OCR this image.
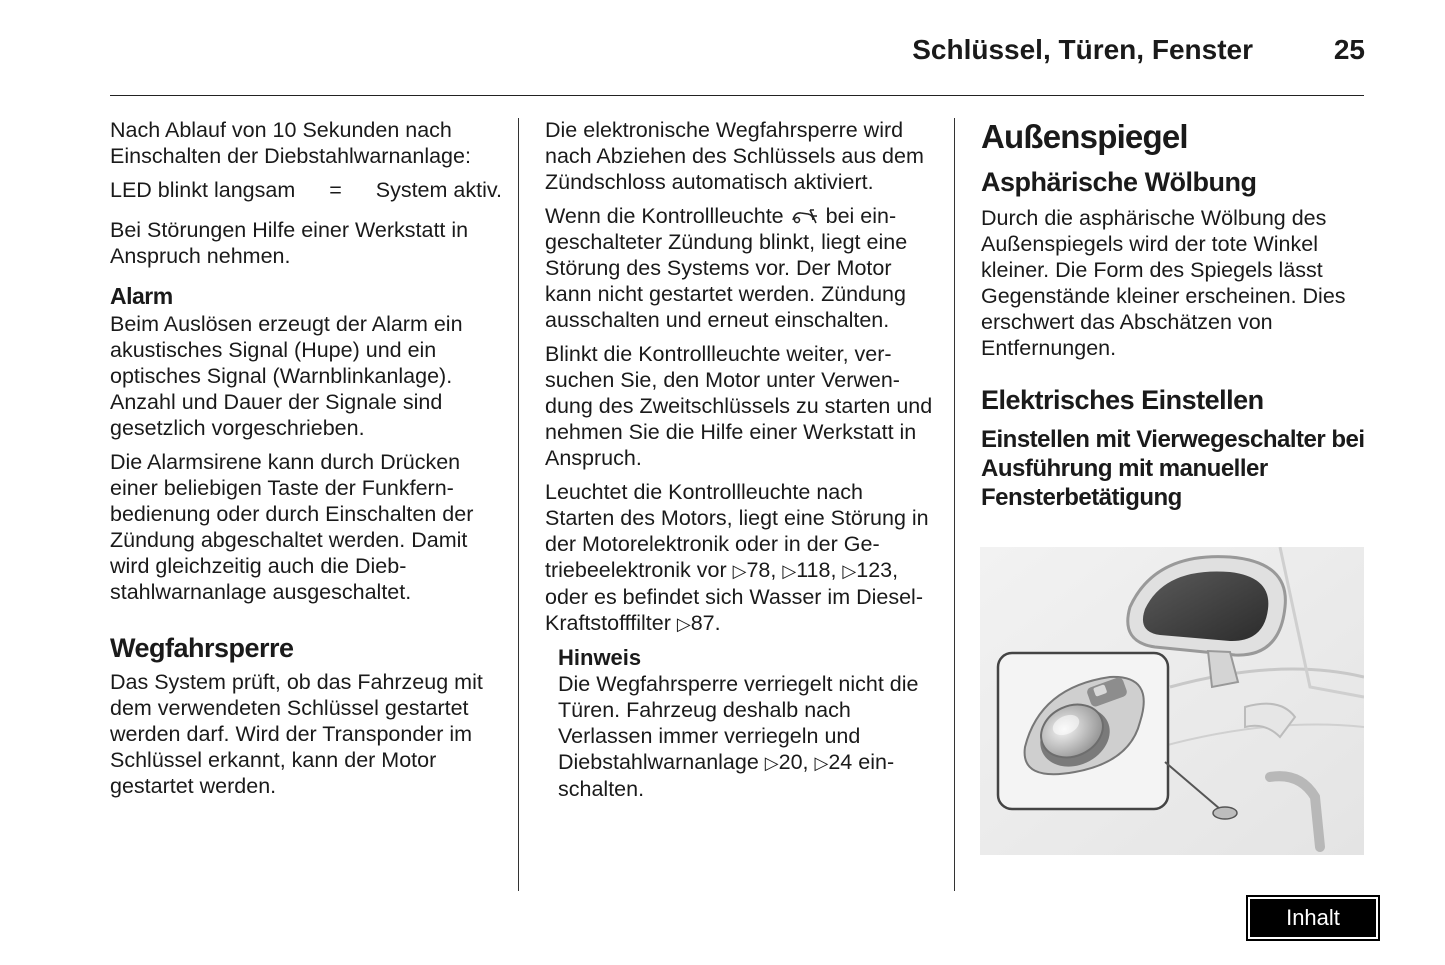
Schlüssel, Türen, Fenster	25

Nach Ablauf von 10 Sekunden nach Einschalten der Diebstahlwarnanlage:

LED blinkt langsam = System aktiv.

Bei Störungen Hilfe einer Werkstatt in Anspruch nehmen.

Alarm

Beim Auslösen erzeugt der Alarm ein akustisches Signal (Hupe) und ein optisches Signal (Warnblinkanlage). Anzahl und Dauer der Signale sind gesetzlich vorgeschrieben.

Die Alarmsirene kann durch Drücken einer beliebigen Taste der Funkfernbedienung oder durch Einschalten der Zündung abgeschaltet werden. Damit wird gleichzeitig auch die Diebstahlwarnanlage ausgeschaltet.

Wegfahrsperre

Das System prüft, ob das Fahrzeug mit dem verwendeten Schlüssel gestartet werden darf. Wird der Transponder im Schlüssel erkannt, kann der Motor gestartet werden.

Die elektronische Wegfahrsperre wird nach Abziehen des Schlüssels aus dem Zündschloss automatisch aktiviert.

Wenn die Kontrollleuchte bei eingeschalteter Zündung blinkt, liegt eine Störung des Systems vor. Der Motor kann nicht gestartet werden. Zündung ausschalten und erneut einschalten.

Blinkt die Kontrollleuchte weiter, versuchen Sie, den Motor unter Verwendung des Zweitschlüssels zu starten und nehmen Sie die Hilfe einer Werkstatt in Anspruch.

Leuchtet die Kontrollleuchte nach Starten des Motors, liegt eine Störung in der Motorelektronik oder in der Getriebeelektronik vor ▷78, ▷118, ▷123, oder es befindet sich Wasser im Diesel-Kraftstofffilter ▷87.

Hinweis
Die Wegfahrsperre verriegelt nicht die Türen. Fahrzeug deshalb nach Verlassen immer verriegeln und Diebstahlwarnanlage ▷20, ▷24 einschalten.
Außenspiegel
Asphärische Wölbung

Durch die asphärische Wölbung des Außenspiegels wird der tote Winkel kleiner. Die Form des Spiegels lässt Gegenstände kleiner erscheinen. Dies erschwert das Abschätzen von Entfernungen.

Elektrisches Einstellen
Einstellen mit Vierwegeschalter bei Ausführung mit manueller Fensterbetätigung
Inhalt
